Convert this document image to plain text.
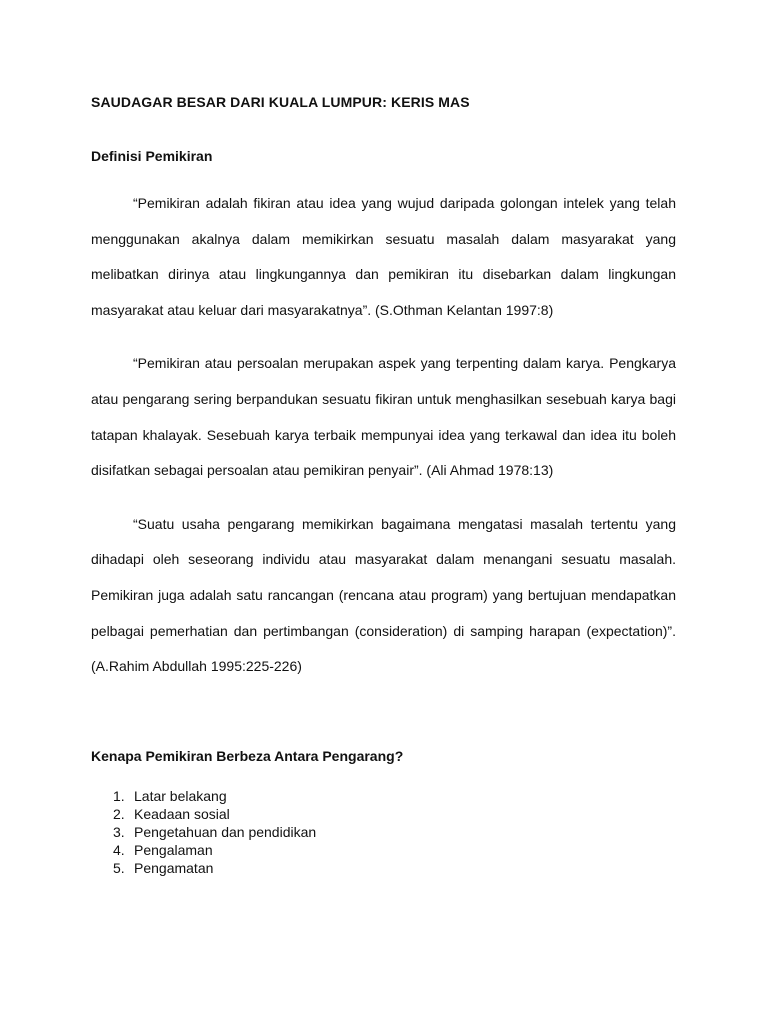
SAUDAGAR BESAR DARI KUALA LUMPUR: KERIS MAS
Definisi Pemikiran

“Pemikiran adalah fikiran atau idea yang wujud daripada golongan intelek yang telah menggunakan akalnya dalam memikirkan sesuatu masalah dalam masyarakat yang melibatkan dirinya atau lingkungannya dan pemikiran itu disebarkan dalam lingkungan masyarakat atau keluar dari masyarakatnya”. (S.Othman Kelantan 1997:8)

“Pemikiran atau persoalan merupakan aspek yang terpenting dalam karya. Pengkarya atau pengarang sering berpandukan sesuatu fikiran untuk menghasilkan sesebuah karya bagi tatapan khalayak. Sesebuah karya terbaik mempunyai idea yang terkawal dan idea itu boleh disifatkan sebagai persoalan atau pemikiran penyair”. (Ali Ahmad 1978:13)

“Suatu usaha pengarang memikirkan bagaimana mengatasi masalah tertentu yang dihadapi oleh seseorang individu atau masyarakat dalam menangani sesuatu masalah. Pemikiran juga adalah satu rancangan (rencana atau program) yang bertujuan mendapatkan pelbagai pemerhatian dan pertimbangan (consideration) di samping harapan (expectation)”. (A.Rahim Abdullah 1995:225-226)

Kenapa Pemikiran Berbeza Antara Pengarang?
1. Latar belakang
2. Keadaan sosial
3. Pengetahuan dan pendidikan
4. Pengalaman
5. Pengamatan
